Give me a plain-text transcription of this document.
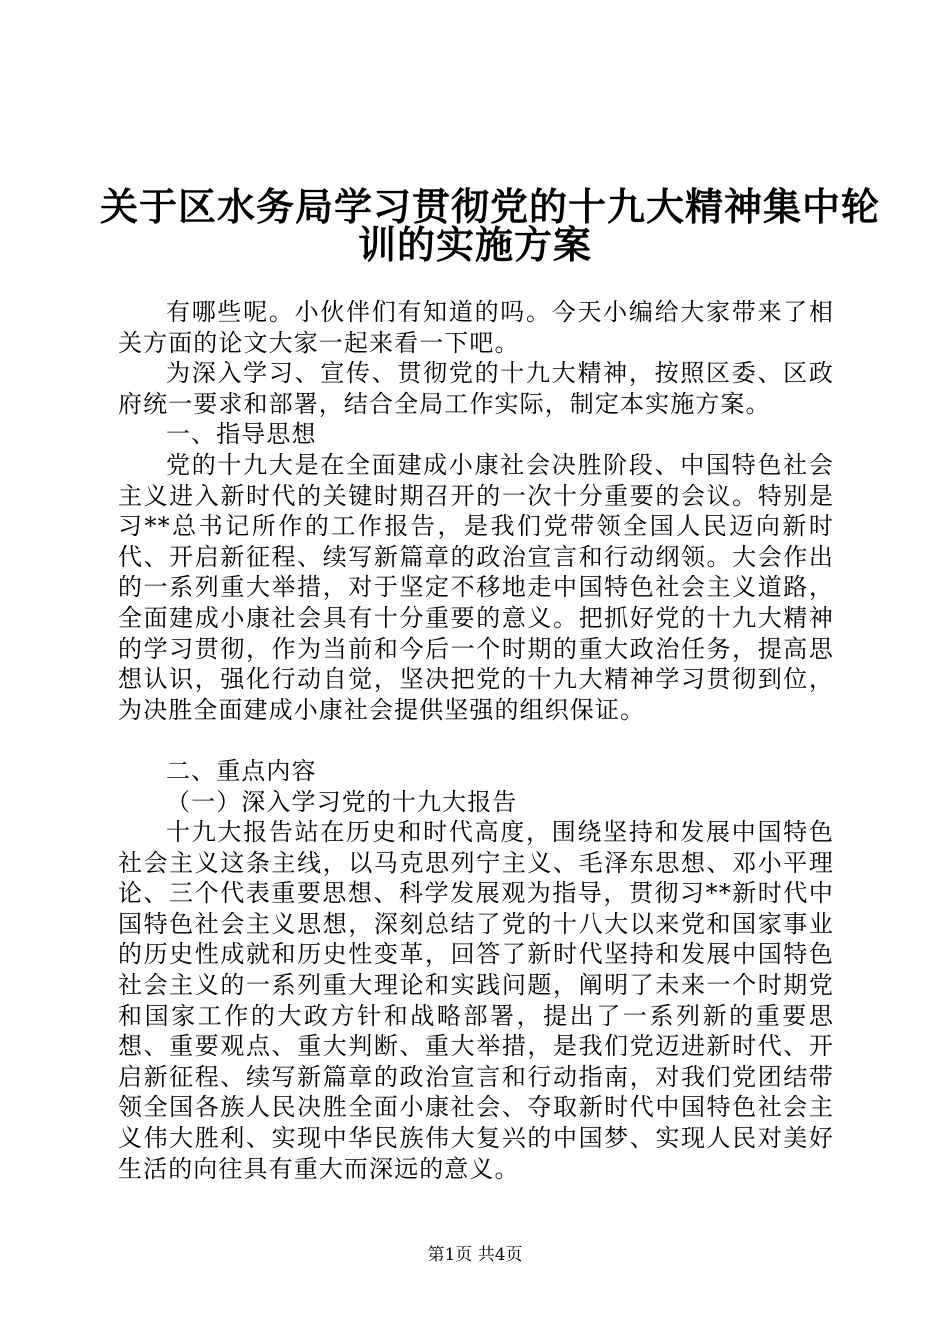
关于区水务局学习贯彻党的十九大精神集中轮
训的实施方案

有哪些呢。小伙伴们有知道的吗。今天小编给大家带来了相关方面的论文大家一起来看一下吧。

为深入学习、宣传、贯彻党的十九大精神，按照区委、区政府统一要求和部署，结合全局工作实际，制定本实施方案。

一、指导思想

党的十九大是在全面建成小康社会决胜阶段、中国特色社会主义进入新时代的关键时期召开的一次十分重要的会议。特别是习**总书记所作的工作报告，是我们党带领全国人民迈向新时代、开启新征程、续写新篇章的政治宣言和行动纲领。大会作出的一系列重大举措，对于坚定不移地走中国特色社会主义道路，全面建成小康社会具有十分重要的意义。把抓好党的十九大精神的学习贯彻，作为当前和今后一个时期的重大政治任务，提高思想认识，强化行动自觉，坚决把党的十九大精神学习贯彻到位，为决胜全面建成小康社会提供坚强的组织保证。

二、重点内容

（一）深入学习党的十九大报告

十九大报告站在历史和时代高度，围绕坚持和发展中国特色社会主义这条主线，以马克思列宁主义、毛泽东思想、邓小平理论、三个代表重要思想、科学发展观为指导，贯彻习**新时代中国特色社会主义思想，深刻总结了党的十八大以来党和国家事业的历史性成就和历史性变革，回答了新时代坚持和发展中国特色社会主义的一系列重大理论和实践问题，阐明了未来一个时期党和国家工作的大政方针和战略部署，提出了一系列新的重要思想、重要观点、重大判断、重大举措，是我们党迈进新时代、开启新征程、续写新篇章的政治宣言和行动指南，对我们党团结带领全国各族人民决胜全面小康社会、夺取新时代中国特色社会主义伟大胜利、实现中华民族伟大复兴的中国梦、实现人民对美好生活的向往具有重大而深远的意义。

第1页 共4页
